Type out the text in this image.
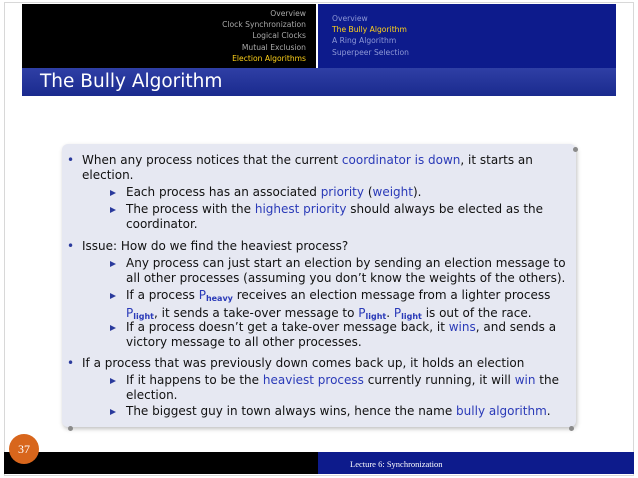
Overview
Clock Synchronization
Logical Clocks
Mutual Exclusion
Election Algorithms
Overview
The Bully Algorithm
A Ring Algorithm
Superpeer Selection
The Bully Algorithm
• When any process notices that the current coordinator is down, it starts an
election.
Each process has an associated priority (weight).
The process with the highest priority should always be elected as the
coordinator.
• Issue: How do we find the heaviest process?
Any process can just start an election by sending an election message to
all other processes (assuming you don’t know the weights of the others).
If a process $P_{heavy}$ receives an election message from a lighter process
$P_{light}$, it sends a take-over message to $P_{light}$. $P_{light}$ is out of the race.
If a process doesn’t get a take-over message back, it wins, and sends a
victory message to all other processes.
• If a process that was previously down comes back up, it holds an election
If it happens to be the heaviest process currently running, it will win the
election.
The biggest guy in town always wins, hence the name bully algorithm.
Lecture 6: Synchronization
37
